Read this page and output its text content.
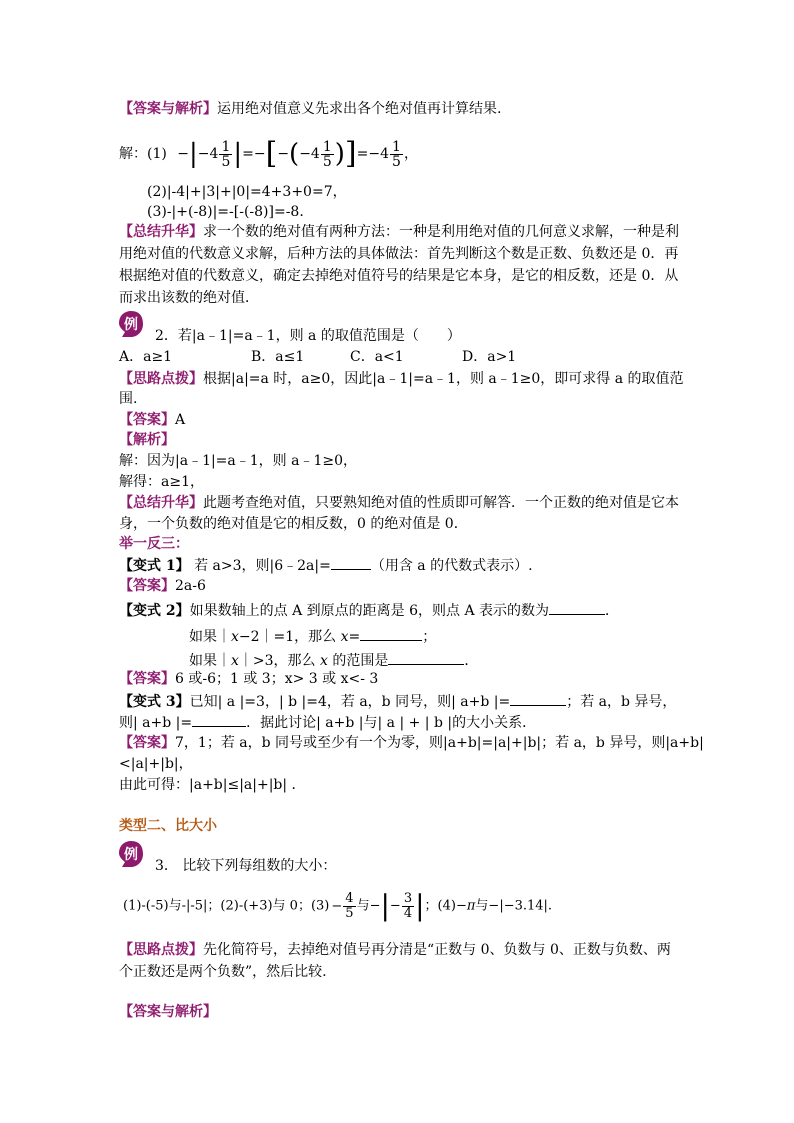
【答案与解析】运用绝对值意义先求出各个绝对值再计算结果.
解：$(1) -|-4 \frac{1}{5} |=-[-(-4 \frac{1}{5} )]=-4 \frac{1}{5}$ ，
(2)|-4|+|3|+|0|=4+3+0=7，
(3)-|+(-8)|=-[-(-8)]=-8.
【总结升华】求一个数的绝对值有两种方法：一种是利用绝对值的几何意义求解，一种是利
用绝对值的代数意义求解，后种方法的具体做法：首先判断这个数是正数、负数还是 0．再
根据绝对值的代数意义，确定去掉绝对值符号的结果是它本身，是它的相反数，还是 0．从
而求出该数的绝对值．
例
2．若|a﹣1|=a﹣1，则 a 的取值范围是（　　）
A．a≥1	B．a≤1	C．a<1	D．a>1
【思路点拨】根据|a|=a 时，a≥0，因此|a﹣1|=a﹣1，则 a﹣1≥0，即可求得 a 的取值范
围.
【答案】A
【解析】
解：因为|a﹣1|=a﹣1，则 a﹣1≥0，
解得：a≥1，
【总结升华】此题考查绝对值，只要熟知绝对值的性质即可解答．一个正数的绝对值是它本
身，一个负数的绝对值是它的相反数，0 的绝对值是 0．
举一反三：
【变式 1】 若 a>3，则|6﹣2a|=	（用含 a 的代数式表示）.
【答案】2a-6
【变式 2】如果数轴上的点 A 到原点的距离是 6，则点 A 表示的数为	．
如果｜x−2｜=1，那么 x=	；
如果｜x｜>3，那么 x 的范围是	．
【答案】6 或-6；1 或 3；x> 3 或 x<- 3
【变式 3】已知| a |=3，| b |=4，若 a，b 同号，则| a+b |=	；若 a，b 异号，
则| a+b |=	．据此讨论| a+b |与| a | + | b |的大小关系．
【答案】7，1；若 a，b 同号或至少有一个为零，则|a+b|=|a|+|b|；若 a，b 异号，则|a+b|
<|a|+|b|，
由此可得：|a+b|≤|a|+|b| ．
类型二、比大小
例
3． 比较下列每组数的大小：
(1)-(-5)与-|-5|；(2)-(+3)与 0；$(3) - \frac{4}{5}$ 与−|− $\frac{3}{4}$ |；(4)−π与−|−3.14|.
【思路点拨】先化简符号，去掉绝对值号再分清是“正数与 0、负数与 0、正数与负数、两
个正数还是两个负数”，然后比较.
【答案与解析】
